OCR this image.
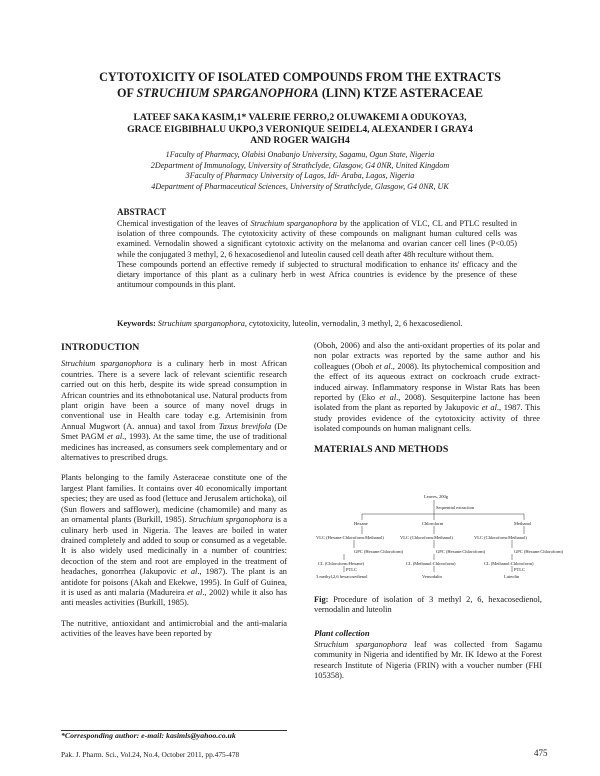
CYTOTOXICITY OF ISOLATED COMPOUNDS FROM THE EXTRACTS
OF STRUCHIUM SPARGANOPHORA (LINN) KTZE ASTERACEAE
LATEEF SAKA KASIM,1* VALERIE FERRO,2 OLUWAKEMI A ODUKOYA3,
GRACE EIGBIBHALU UKPO,3 VERONIQUE SEIDEL4, ALEXANDER I GRAY4
AND ROGER WAIGH4
1Faculty of Pharmacy, Olabisi Onabanjo University, Sagamu, Ogun State, Nigeria
2Department of Immunology, University of Strathclyde, Glasgow, G4 0NR, United Kingdom
3Faculty of Pharmacy University of Lagos, Idi- Araba, Lagos, Nigeria
4Department of Pharmaceutical Sciences, University of Strathclyde, Glasgow, G4 0NR, UK
ABSTRACT

Chemical investigation of the leaves of Struchium sparganophora by the application of VLC, CL and PTLC resulted in isolation of three compounds. The cytotoxicity activity of these compounds on malignant human cultured cells was examined. Vernodalin showed a significant cytotoxic activity on the melanoma and ovarian cancer cell lines (P<0.05) while the conjugated 3 methyl, 2, 6 hexacosedienol and luteolin caused cell death after 48h reculture without them.

These compounds portend an effective remedy if subjected to structural modification to enhance its' efficacy and the dietary importance of this plant as a culinary herb in west Africa countries is evidence by the presence of these antitumour compounds in this plant.

Keywords: Struchium sparganophora, cytotoxicity, luteolin, vernodalin, 3 methyl, 2, 6 hexacosedienol.
INTRODUCTION

Struchium sparganophora is a culinary herb in most African countries. There is a severe lack of relevant scientific research carried out on this herb, despite its wide spread consumption in African countries and its ethnobotanical use. Natural products from plant origin have been a source of many novel drugs in conventional use in Health care today e.g. Artemisinin from Annual Mugwort (A. annua) and taxol from Taxus brevifola (De Smet PAGM et al., 1993). At the same time, the use of traditional medicines has increased, as consumers seek complementary and or alternatives to prescribed drugs.

Plants belonging to the family Asteraceae constitute one of the largest Plant families. It contains over 40 economically important species; they are used as food (lettuce and Jerusalem artichoka), oil (Sun flowers and safflower), medicine (chamomile) and many as an ornamental plants (Burkill, 1985). Struchium sprganophora is a culinary herb used in Nigeria. The leaves are boiled in water drained completely and added to soup or consumed as a vegetable. It is also widely used medicinally in a number of countries: decoction of the stem and root are employed in the treatment of headaches, gonorrhea (Jakupovic et al., 1987). The plant is an antidote for poisons (Akah and Ekekwe, 1995). In Gulf of Guinea, it is used as anti malaria (Madureira et al., 2002) while it also has anti measles activities (Burkill, 1985).

The nutritive, antioxidant and antimicrobial and the anti-malaria activities of the leaves have been reported by

(Oboh, 2006) and also the anti-oxidant properties of its polar and non polar extracts was reported by the same author and his colleagues (Oboh et al., 2008). Its phytochemical composition and the effect of its aqueous extract on cockroach crude extract-induced airway. Inflammatory response in Wistar Rats has been reported by (Eko et al., 2008). Sesquiterpine lactone has been isolated from the plant as reported by Jakupovic et al., 1987. This study provides evidence of the cytotoxicity activity of three isolated compounds on human malignant cells.

MATERIALS AND METHODS
Leaves, 200g
Sequential extraction
Hexane	Chloroform	Methanol
VLC (Hexane:Chloroform:Methanol)	VLC (Chloroform:Methanol)	VLC (Chloroform:Methanol)
GPC (Hexane:Chloroform)	GPC (Hexane:Chloroform)	GPC (Hexane:Chloroform)
CL (Chloroform:Hexane)	CL (Methanol:Chloroform)	CL (Methanol:Chloroform)
PTLC	PTLC
3 methyl,2,6 hexacosedienol	Vernodalin	Luteolin
Fig: Procedure of isolation of 3 methyl 2, 6, hexacosedienol, vernodalin and luteolin
Plant collection
Struchium sparganophora leaf was collected from Sagamu community in Nigeria and identified by Mr. IK Idewo at the Forest research Institute of Nigeria (FRIN) with a voucher number (FHI 105358).
*Corresponding author: e-mail: kasimls@yahoo.co.uk
Pak. J. Pharm. Sci., Vol.24, No.4, October 2011, pp.475-478	475
